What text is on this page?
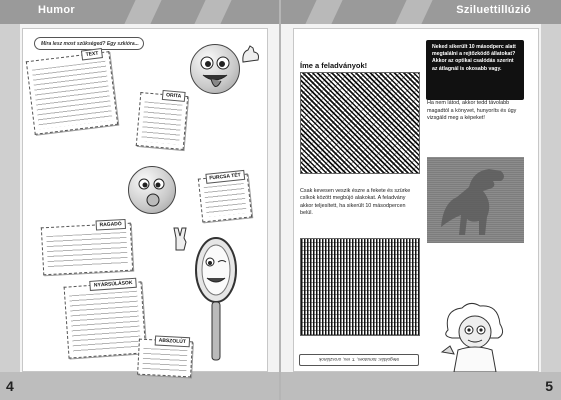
Humor
4
Mira lesz most szükséged? Egy szkióra...
TEXT
ORITA
FURCSA TÉT
RAGADÓ
NYÁRSÚLÁSOK
ABSZOLÚT
Sziluettillúzió
5
Neked sikerült 10 másodperc alatt megtalálni a rejtőzködő állatokat? Akkor az optikai csalódás szerint az átlagnál is okosabb vagy.
Ha nem látod, akkor tedd távolabb magadtól a könyvet, hunyoríts és úgy vizsgáld meg a képeket!
Íme a feladványok!
Csak kevesen veszik észre a fekete és szürke csíkok között megbújó alakokat. A feladvány akkor teljesített, ha sikerült 10 másodpercen belül.
Megoldás: tomatoes, T. rex, oroszlánok
